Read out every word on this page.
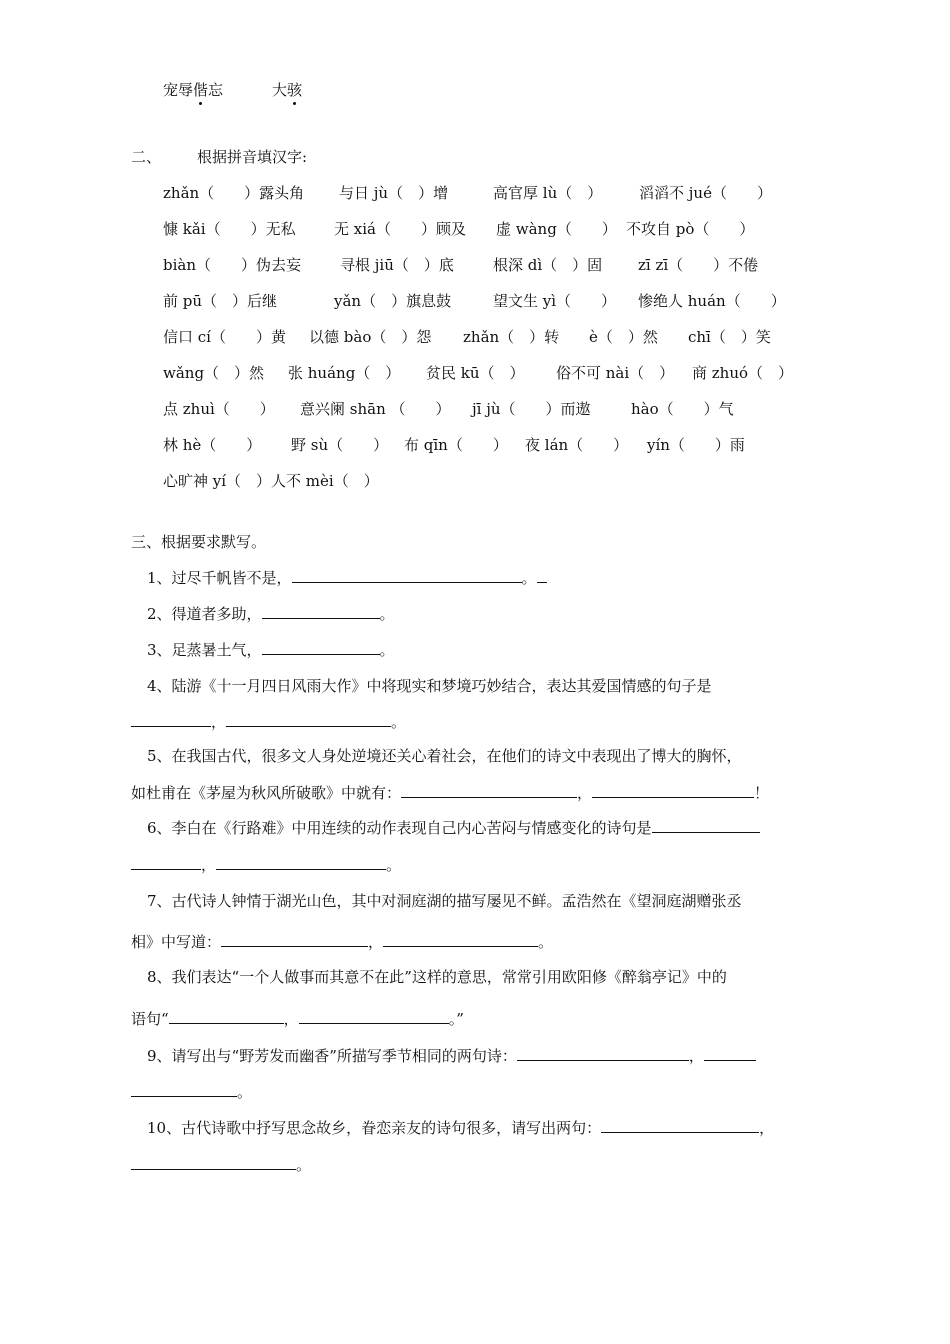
宠辱偕忘	大骇
二、 根据拼音填汉字:
zhǎn（　　）露头角 与日 jù（　）增	高官厚 lù（　） 滔滔不 jué（　　）
慷 kǎi（　　）无私	无 xiá（　　）顾及 虚 wàng（　　） 不攻自 pò（　　）
biàn（　　）伪去妄	寻根 jiū（　）底	根深 dì（　）固 zī zī（　　）不倦
前 pū（　）后继	yǎn（　）旗息鼓	望文生 yì（　　） 惨绝人 huán（　　）
信口 cí（　　）黄 以德 bào（　）怨 zhǎn（　）转 è（　）然 chī（　）笑
wǎng（　）然 张 huáng（　） 贫民 kū（　） 俗不可 nài（　） 商 zhuó（　）
点 zhuì（　　） 意兴阑 shān （　　） jī jù（　　）而遨	hào（　　）气
林 hè（　　） 野 sù（　　） 布 qīn（　　） 夜 lán（　　） yín（　　）雨
心旷神 yí（　）人不 mèi（　）
三、根据要求默写。
1、过尽千帆皆不是，	。
2、得道者多助，	。
3、足蒸暑土气，	。
4、陆游《十一月四日风雨大作》中将现实和梦境巧妙结合，表达其爱国情感的句子是
，	。
5、在我国古代，很多文人身处逆境还关心着社会，在他们的诗文中表现出了博大的胸怀，
如杜甫在《茅屋为秋风所破歌》中就有：	，	！
6、李白在《行路难》中用连续的动作表现自己内心苦闷与情感变化的诗句是
，	。
7、古代诗人钟情于湖光山色，其中对洞庭湖的描写屡见不鲜。孟浩然在《望洞庭湖赠张丞
相》中写道：	，	。
8、我们表达“一个人做事而其意不在此”这样的意思，常常引用欧阳修《醉翁亭记》中的
语句“	，	。”
9、请写出与“野芳发而幽香”所描写季节相同的两句诗：	，
。
10、古代诗歌中抒写思念故乡，眷恋亲友的诗句很多，请写出两句：	，
。
